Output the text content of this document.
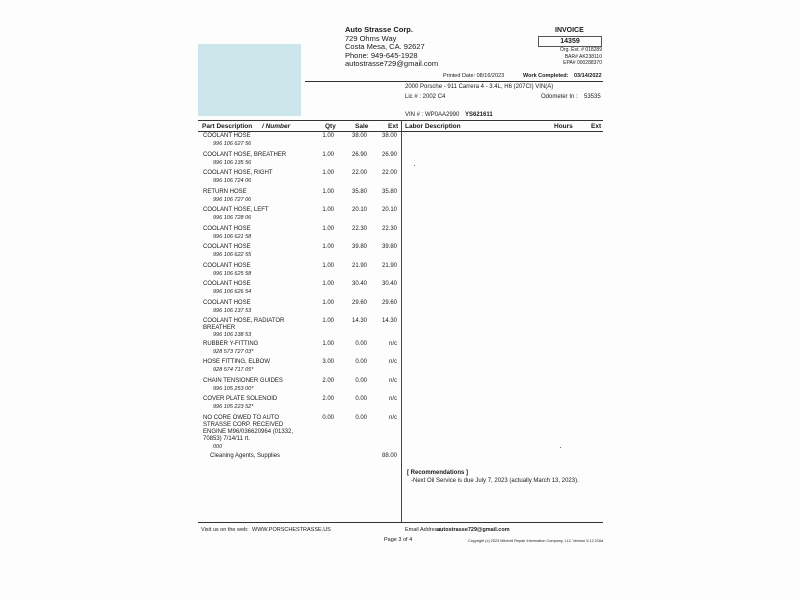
Auto Strasse Corp.
729 Ohms Way
Costa Mesa, CA. 92627
Phone: 949-645-1928
autostrasse729@gmail.com
INVOICE
14359
Org. Est. # 018289
BAR# AK238110
EPA# 000288370
Printed Date: 08/16/2023	Work Completed: 03/14/2022
2000 Porsche - 911 Carrera 4 - 3.4L, H6 (207CI) VIN(A)
Lic # : 2002 C4	Odometer In : 53535
VIN # : WP0AA2990 YS621611
Part Description / Number	Qty	Sale	Ext Labor Description	Hours	Ext
COOLANT HOSE
996 106 627 56
1.00	38.00	38.00
COOLANT HOSE, BREATHER
996 106 135 56
1.00	26.90	26.90
COOLANT HOSE, RIGHT
996 106 724 06
1.00	22.00	22.00
RETURN HOSE
996 106 727 06
1.00	35.80	35.80
COOLANT HOSE, LEFT
996 106 728 06
1.00	20.10	20.10
COOLANT HOSE
996 106 621 58
1.00	22.30	22.30
COOLANT HOSE
996 106 622 55
1.00	39.80	39.80
COOLANT HOSE
996 106 625 58
1.00	21.90	21.90
COOLANT HOSE
996 106 626 54
1.00	30.40	30.40
COOLANT HOSE
996 106 137 53
1.00	29.60	29.60
COOLANT HOSE, RADIATOR
BREATHER
996 106 138 53
1.00	14.30	14.30
RUBBER Y-FITTING
928 573 727 03*
1.00	0.00	n/c
HOSE FITTING, ELBOW
928 574 717 05*
3.00	0.00	n/c
CHAIN TENSIONER GUIDES
996 105 253 00*
2.00	0.00	n/c
COVER PLATE SOLENOID
996 105 223 52*
2.00	0.00	n/c
NO CORE OWED TO AUTO
STRASSE CORP. RECEIVED
ENGINE M96/036620964 (01332,
70853) 7/14/11 rt.
000
0.00	0.00	n/c
Cleaning Agents, Supplies	88.00
[ Recommendations ]
-Next Oil Service is due July 7, 2023 (actually March 13, 2023).
Visit us on the web: WWW.PORSCHESTRASSE.US	Email Address:
autostrasse729@gmail.com
Page 3 of 4	Copyright (c) 2023 Mitchell Repair Information Company, LLC Version 5.12.216a
